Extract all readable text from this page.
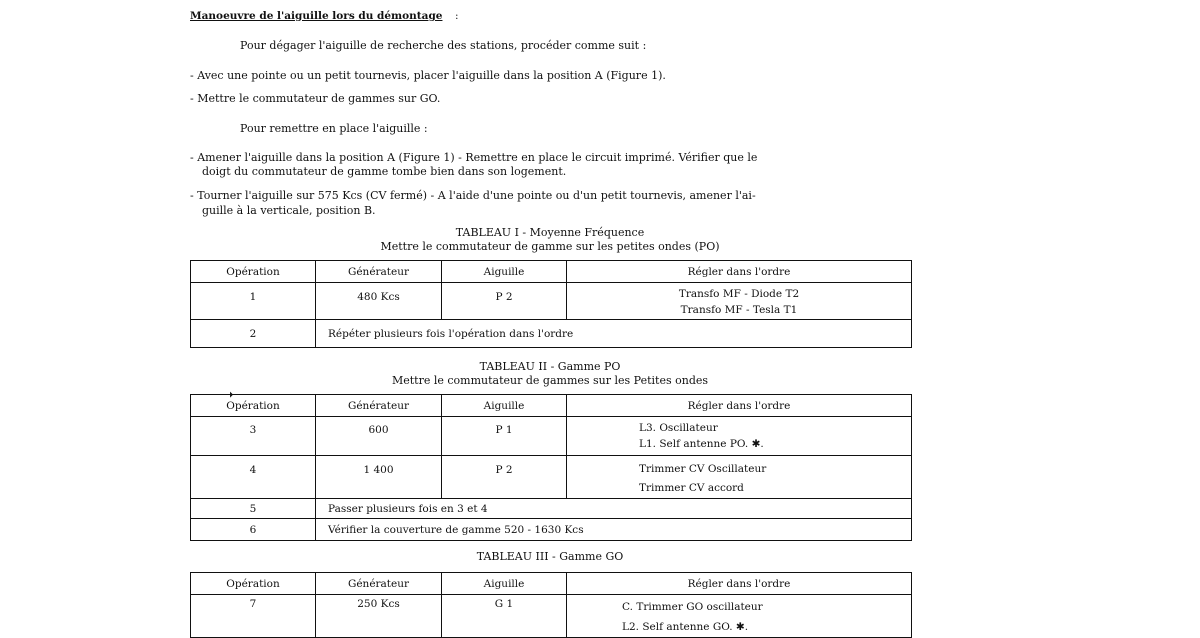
Manoeuvre de l'aiguille lors du démontage :
Pour dégager l'aiguille de recherche des stations, procéder comme suit :
- Avec une pointe ou un petit tournevis, placer l'aiguille dans la position A (Figure 1).
- Mettre le commutateur de gammes sur GO.
Pour remettre en place l'aiguille :
- Amener l'aiguille dans la position A (Figure 1) - Remettre en place le circuit imprimé. Vérifier que le
doigt du commutateur de gamme tombe bien dans son logement.
- Tourner l'aiguille sur 575 Kcs (CV fermé) - A l'aide d'une pointe ou d'un petit tournevis, amener l'ai-
guille à la verticale, position B.
TABLEAU I - Moyenne Fréquence
Mettre le commutateur de gamme sur les petites ondes (PO)
Opération	Générateur	Aiguille	Régler dans l'ordre
1	480 Kcs	P 2	Transfo MF - Diode T2
Transfo MF - Tesla T1

2	Répéter plusieurs fois l'opération dans l'ordre		
TABLEAU II - Gamme PO
Mettre le commutateur de gammes sur les Petites ondes
➝
Opération	Générateur	Aiguille	Régler dans l'ordre
3	600	P 1	L3. Oscillateur
L1. Self antenne PO. ✱.

4	1 400	P 2	Trimmer CV Oscillateur
Trimmer CV accord

5	Passer plusieurs fois en 3 et 4		
6	Vérifier la couverture de gamme 520 - 1630 Kcs		
TABLEAU III - Gamme GO
Opération	Générateur	Aiguille	Régler dans l'ordre
7	250 Kcs	G 1	C. Trimmer GO oscillateur
L2. Self antenne GO. ✱.
